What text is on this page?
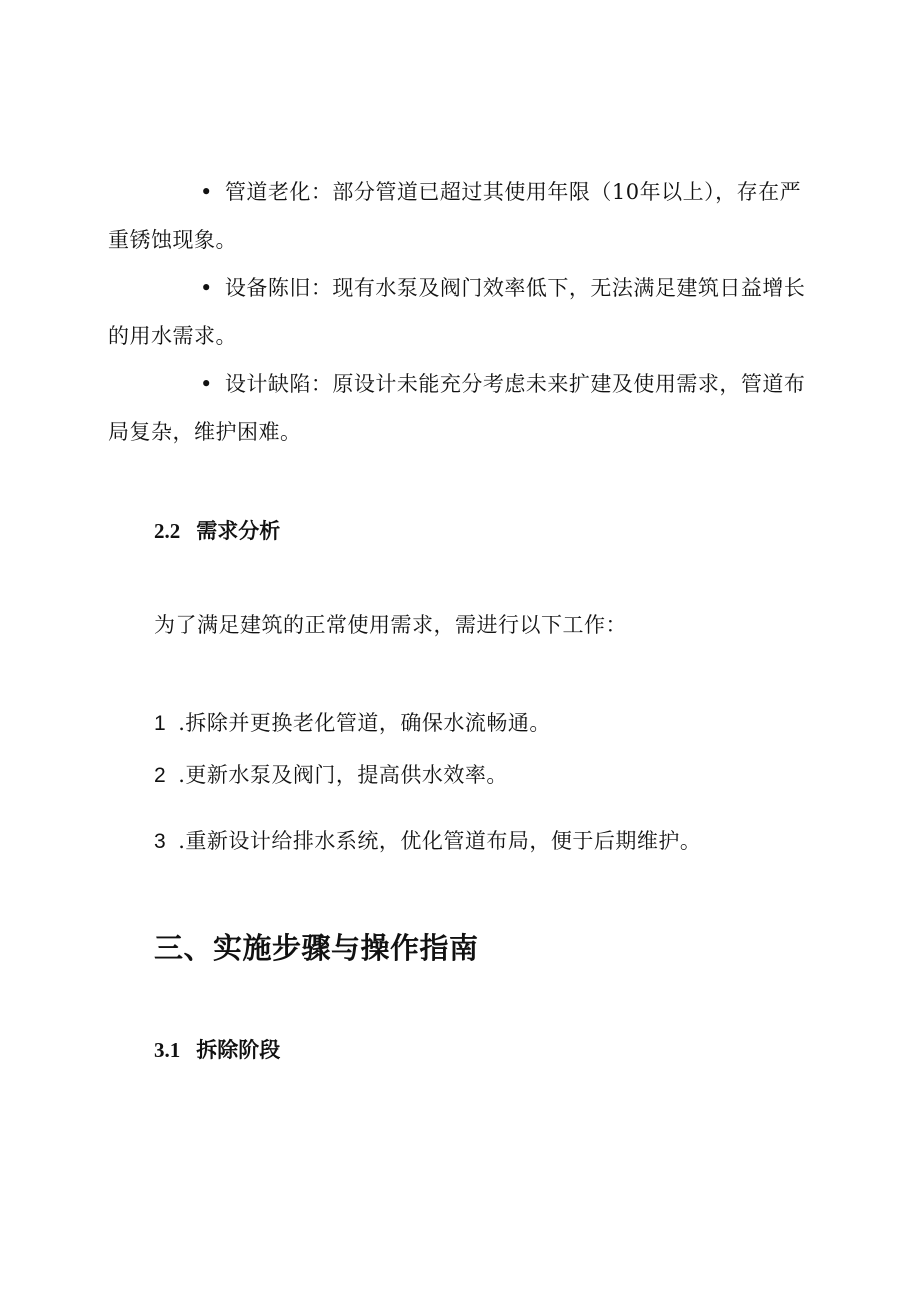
• 管道老化：部分管道已超过其使用年限（10年以上），存在严重锈蚀现象。

• 设备陈旧：现有水泵及阀门效率低下，无法满足建筑日益增长的用水需求。

• 设计缺陷：原设计未能充分考虑未来扩建及使用需求，管道布局复杂，维护困难。

2.2 需求分析

为了满足建筑的正常使用需求，需进行以下工作：

1 .拆除并更换老化管道，确保水流畅通。

2 .更新水泵及阀门，提高供水效率。

3 .重新设计给排水系统，优化管道布局，便于后期维护。

三、实施步骤与操作指南
3.1 拆除阶段
